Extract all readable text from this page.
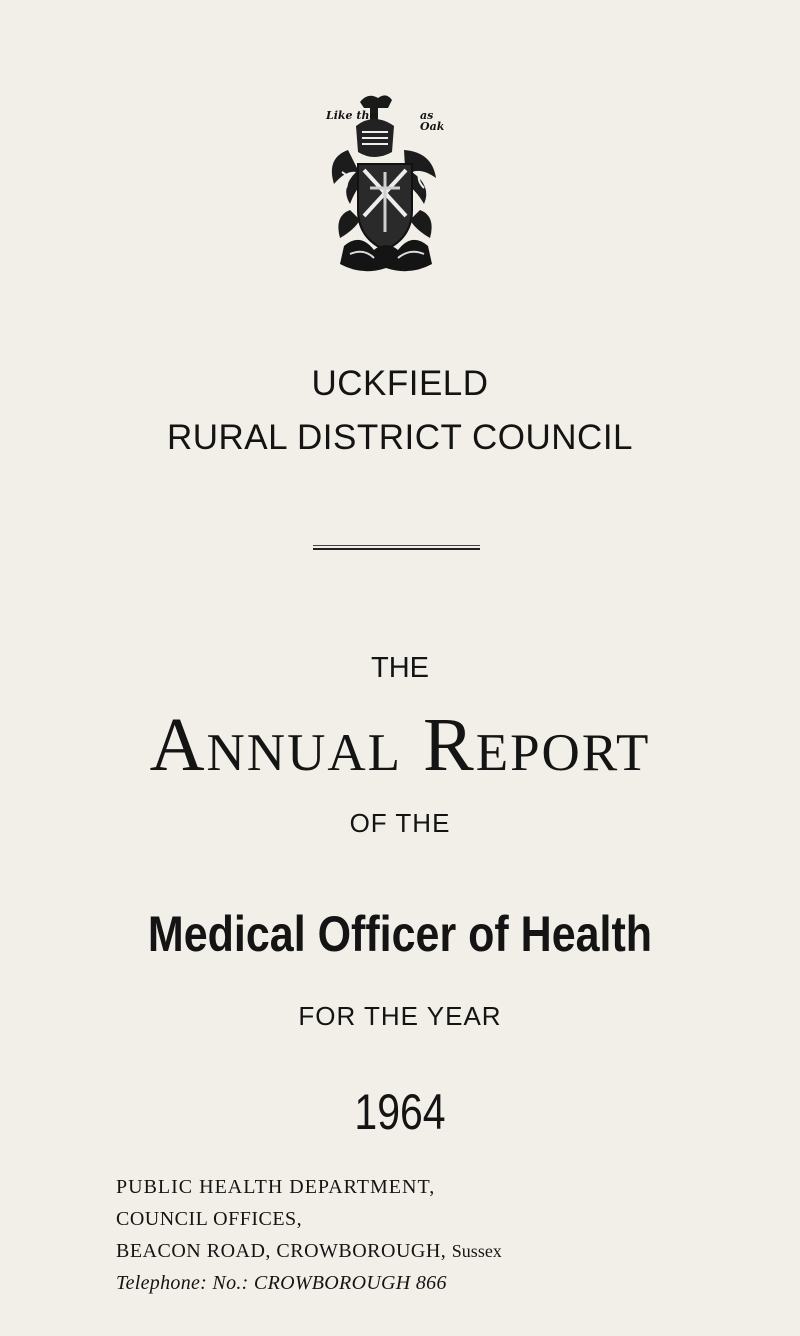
Like the	as Oak
UCKFIELD
RURAL DISTRICT COUNCIL
THE
Annual Report
OF THE
Medical Officer of Health
FOR THE YEAR
1964
PUBLIC HEALTH DEPARTMENT,
COUNCIL OFFICES,
BEACON ROAD, CROWBOROUGH, Sussex
Telephone: No.: CROWBOROUGH 866
